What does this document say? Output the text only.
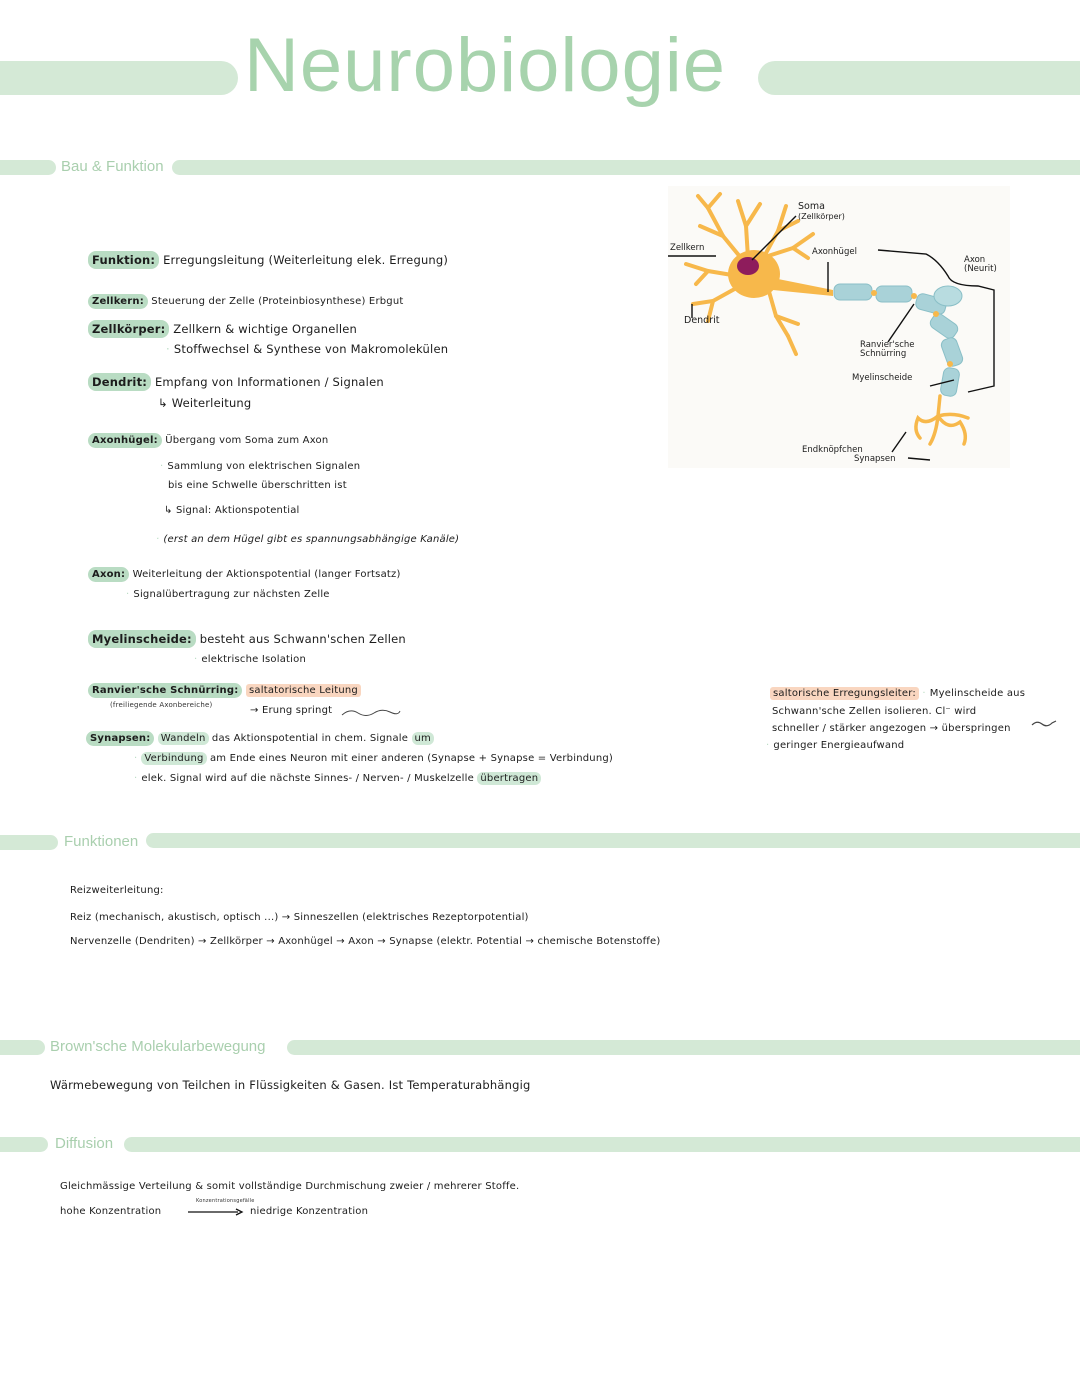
Neurobiologie
Bau & Funktion
Funktion: Erregungsleitung (Weiterleitung elek. Erregung)
Zellkern: Steuerung der Zelle (Proteinbiosynthese) Erbgut
Zellkörper: Zellkern & wichtige Organellen
· Stoffwechsel & Synthese von Makromolekülen
Dendrit: Empfang von Informationen / Signalen
↳ Weiterleitung
Axonhügel: Übergang vom Soma zum Axon
· Sammlung von elektrischen Signalen
bis eine Schwelle überschritten ist
↳ Signal: Aktionspotential
· (erst an dem Hügel gibt es spannungsabhängige Kanäle)
Axon: Weiterleitung der Aktionspotential (langer Fortsatz)
· Signalübertragung zur nächsten Zelle
Myelinscheide: besteht aus Schwann'schen Zellen
· elektrische Isolation
Ranvier'sche Schnürring:
(freiliegende Axonbereiche)
saltatorische Leitung
→ Erung springt
Synapsen: Wandeln das Aktionspotential in chem. Signale um
· Verbindung am Ende eines Neuron mit einer anderen (Synapse + Synapse = Verbindung)
· elek. Signal wird auf die nächste Sinnes- / Nerven- / Muskelzelle übertragen
saltorische Erregungsleiter: · Myelinscheide aus
Schwann'sche Zellen isolieren. Cl⁻ wird
schneller / stärker angezogen → überspringen
· geringer Energieaufwand
Soma
(Zellkörper)
Zellkern	Axonhügel
Axon
(Neurit)
Dendrit
Ranvier'sche
Schnürring
Myelinscheide
Endknöpfchen
Synapsen
Funktionen
Reizweiterleitung:
Reiz (mechanisch, akustisch, optisch ...) → Sinneszellen (elektrisches Rezeptorpotential)
Nervenzelle (Dendriten) → Zellkörper → Axonhügel → Axon → Synapse (elektr. Potential → chemische Botenstoffe)
Brown'sche Molekularbewegung
Wärmebewegung von Teilchen in Flüssigkeiten & Gasen. Ist Temperaturabhängig
Diffusion
Gleichmässige Verteilung & somit vollständige Durchmischung zweier / mehrerer Stoffe.
hohe Konzentration
Konzentrationsgefälle
niedrige Konzentration
